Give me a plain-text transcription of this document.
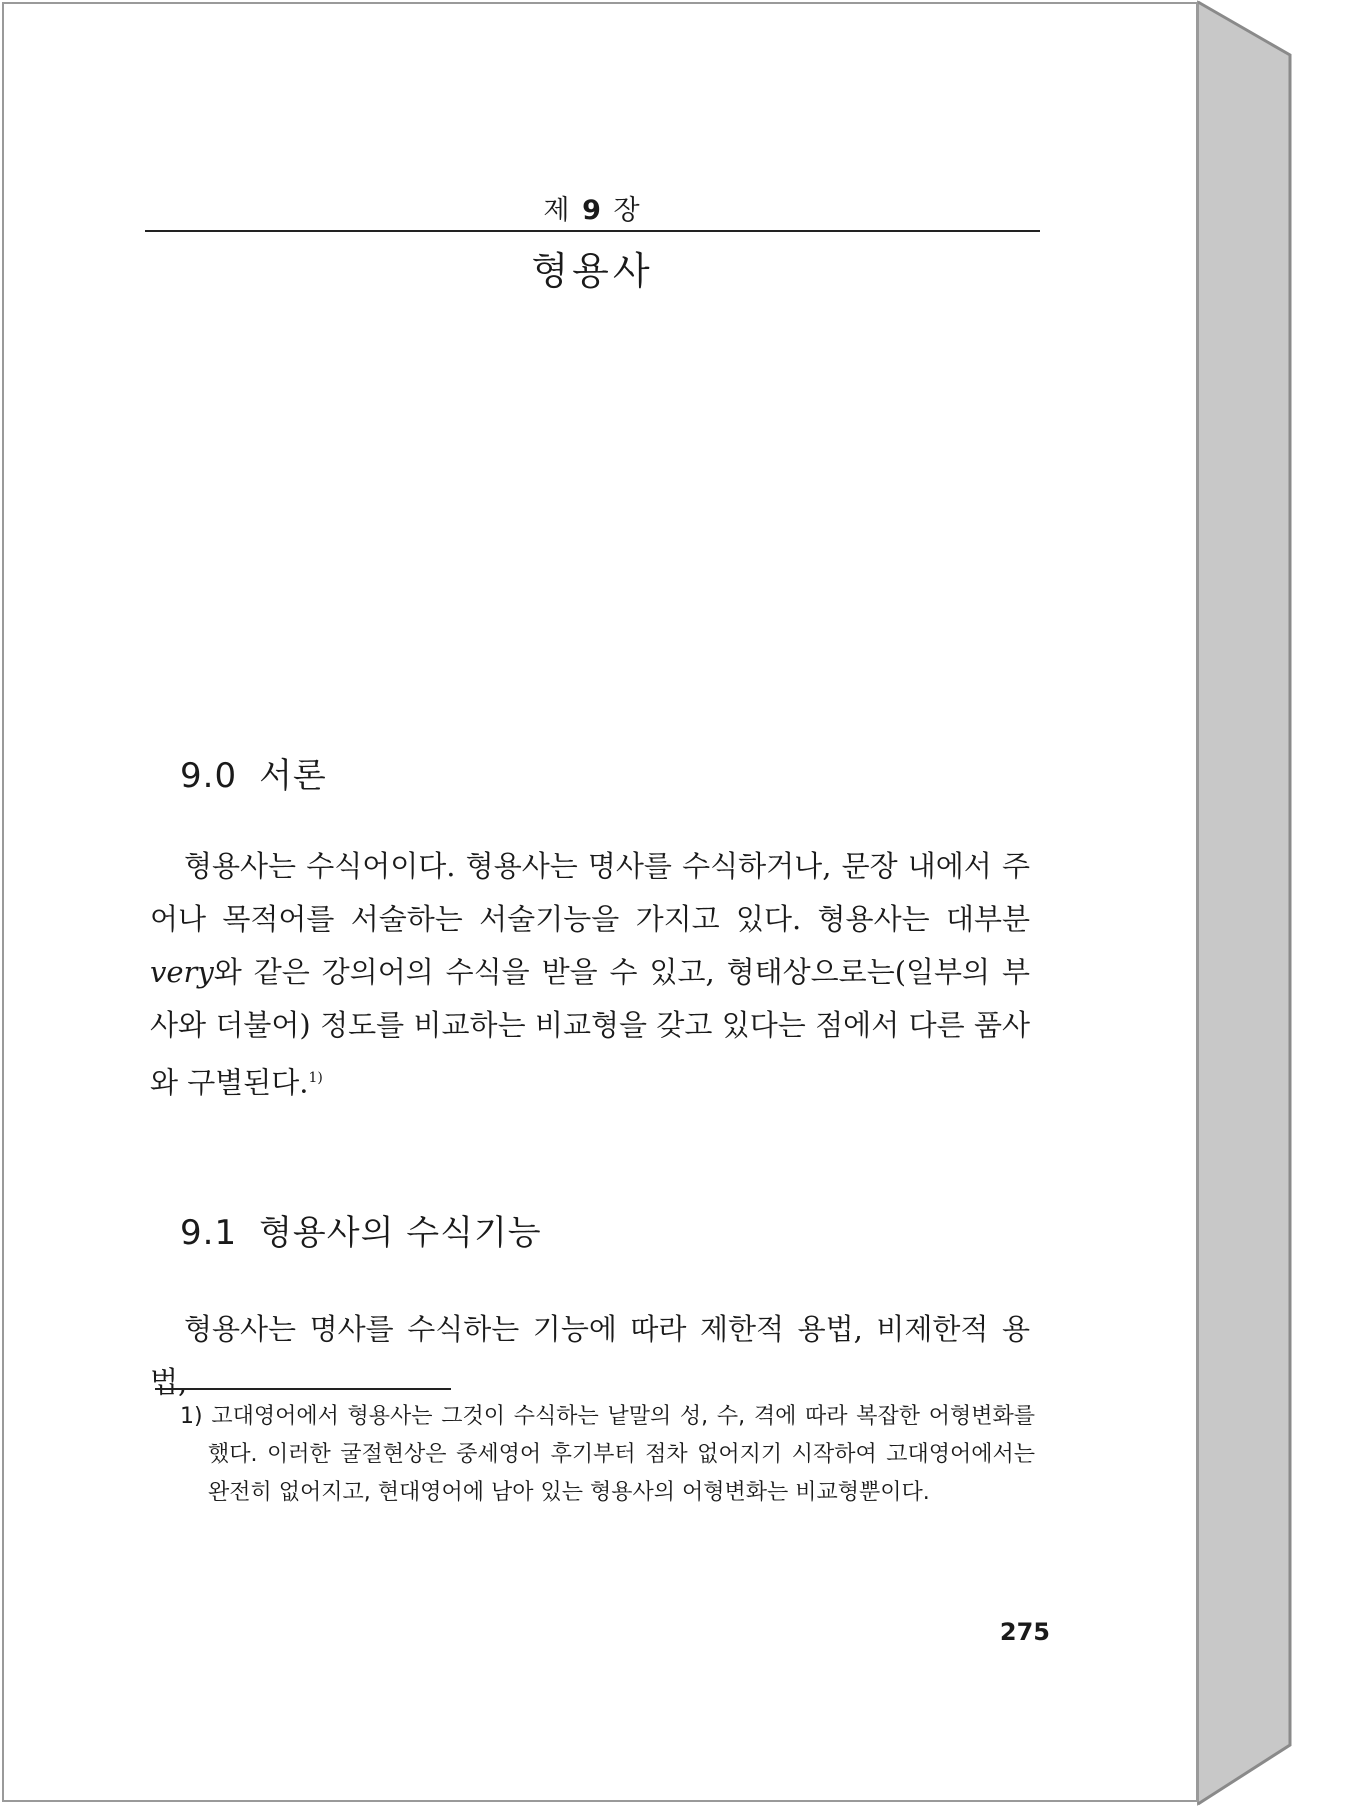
제 9 장
형용사
9.0 서론
형용사는 수식어이다. 형용사는 명사를 수식하거나, 문장 내에서 주어나 목적어를 서술하는 서술기능을 가지고 있다. 형용사는 대부분 very와 같은 강의어의 수식을 받을 수 있고, 형태상으로는(일부의 부사와 더불어) 정도를 비교하는 비교형을 갖고 있다는 점에서 다른 품사와 구별된다.$^{1)}$
9.1 형용사의 수식기능
형용사는 명사를 수식하는 기능에 따라 제한적 용법, 비제한적 용법,
1) 고대영어에서 형용사는 그것이 수식하는 낱말의 성, 수, 격에 따라 복잡한 어형변화를 했다. 이러한 굴절현상은 중세영어 후기부터 점차 없어지기 시작하여 고대영어에서는 완전히 없어지고, 현대영어에 남아 있는 형용사의 어형변화는 비교형뿐이다.
275
